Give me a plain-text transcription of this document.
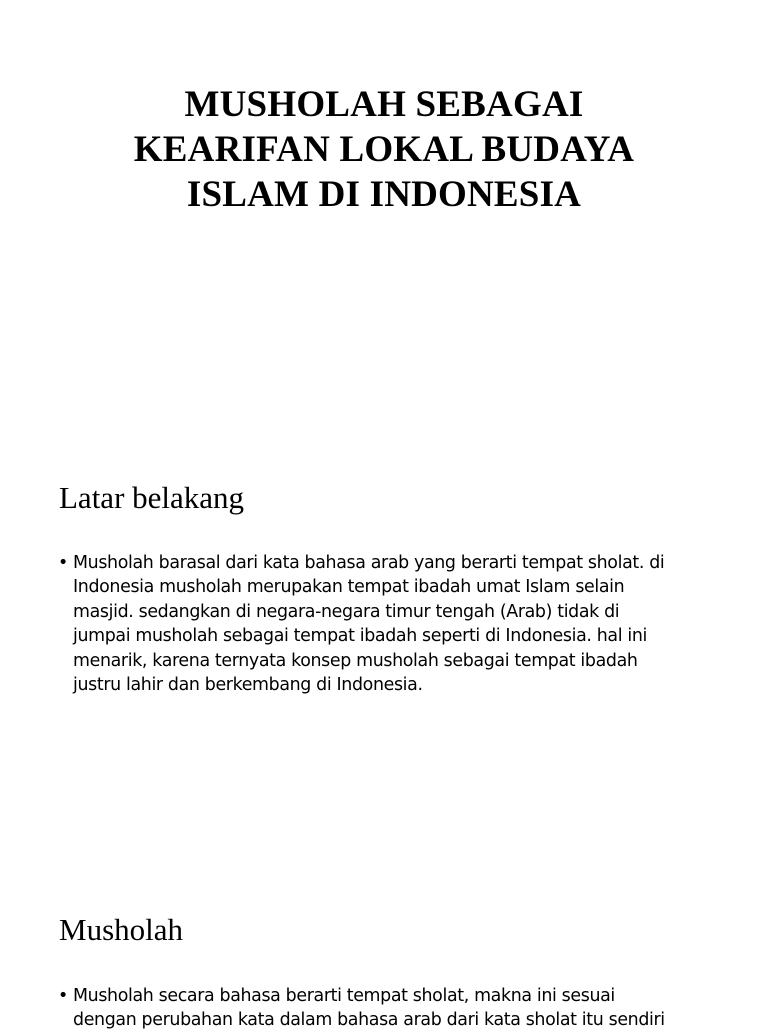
MUSHOLAH SEBAGAI
KEARIFAN LOKAL BUDAYA
ISLAM DI INDONESIA
Latar belakang
• Musholah barasal dari kata bahasa arab yang berarti tempat sholat. di
Indonesia musholah merupakan tempat ibadah umat Islam selain
masjid. sedangkan di negara-negara timur tengah (Arab) tidak di
jumpai musholah sebagai tempat ibadah seperti di Indonesia. hal ini
menarik, karena ternyata konsep musholah sebagai tempat ibadah
justru lahir dan berkembang di Indonesia.
Musholah
• Musholah secara bahasa berarti tempat sholat, makna ini sesuai
dengan perubahan kata dalam bahasa arab dari kata sholat itu sendiri
